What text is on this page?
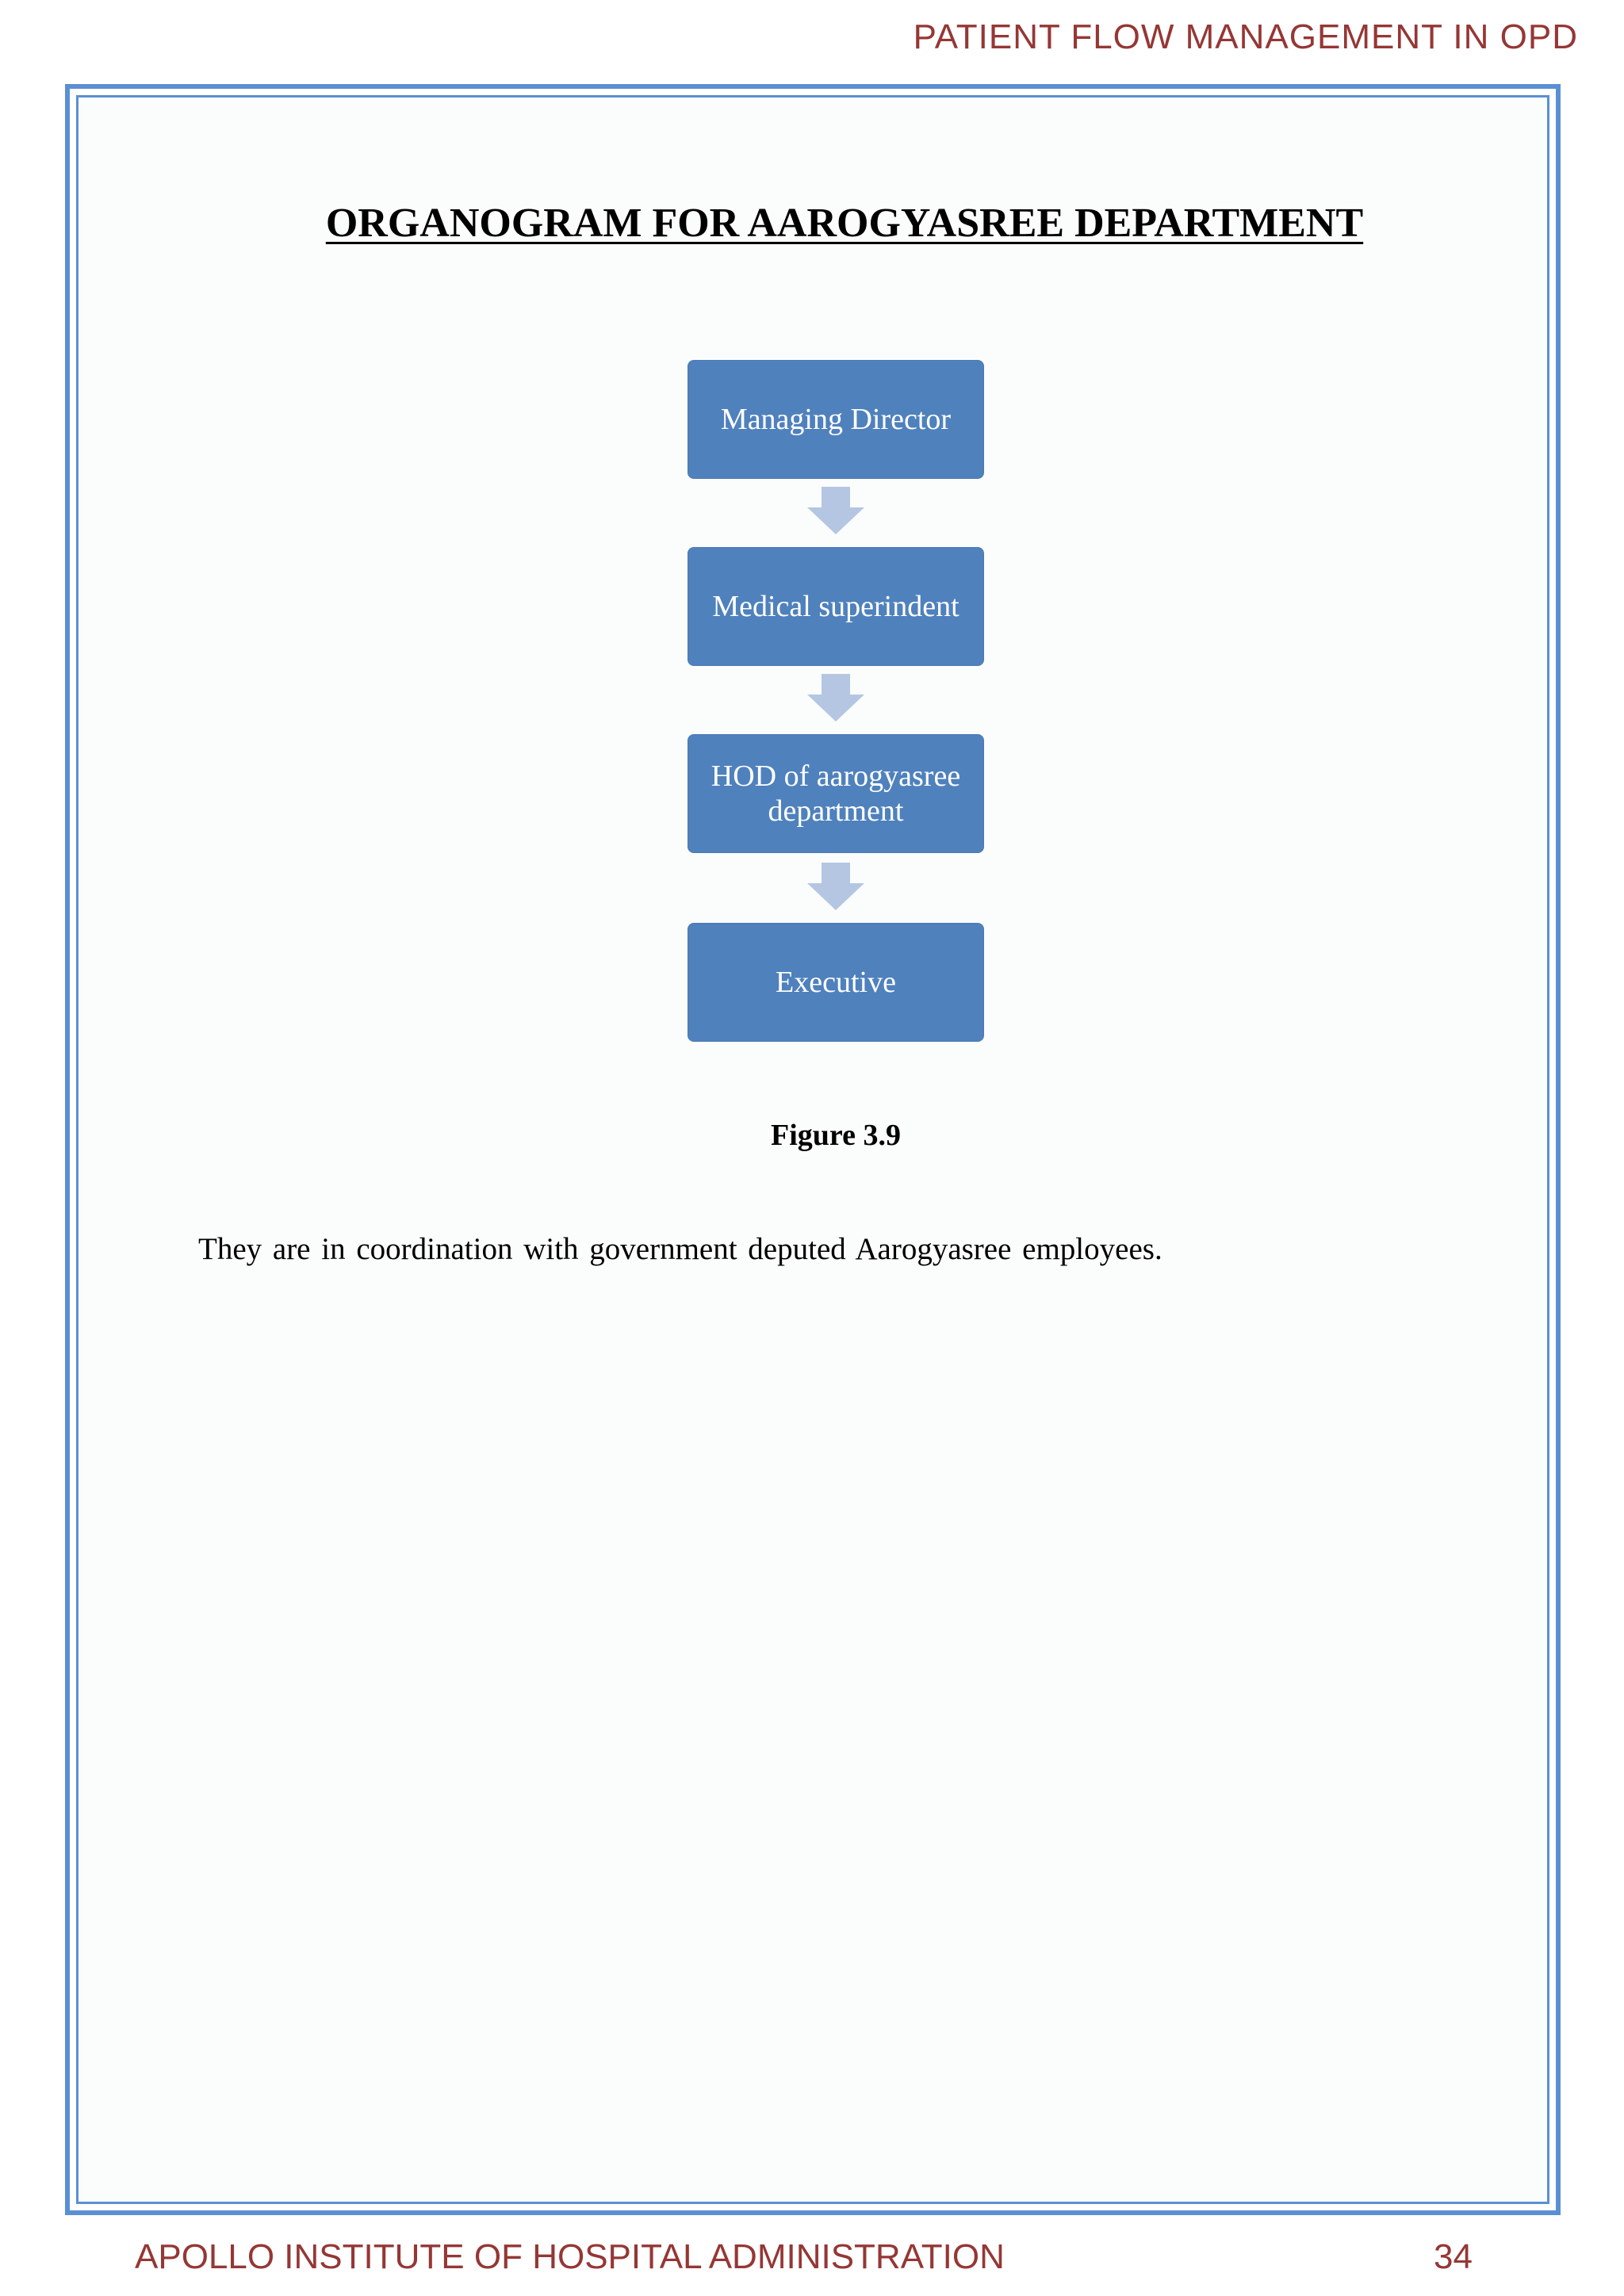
PATIENT FLOW MANAGEMENT IN OPD
ORGANOGRAM FOR AAROGYASREE DEPARTMENT
Managing Director
Medical superindent
HOD of aarogyasree department
Executive
Figure 3.9
They are in coordination with government deputed Aarogyasree employees.
APOLLO INSTITUTE OF HOSPITAL ADMINISTRATION	34
